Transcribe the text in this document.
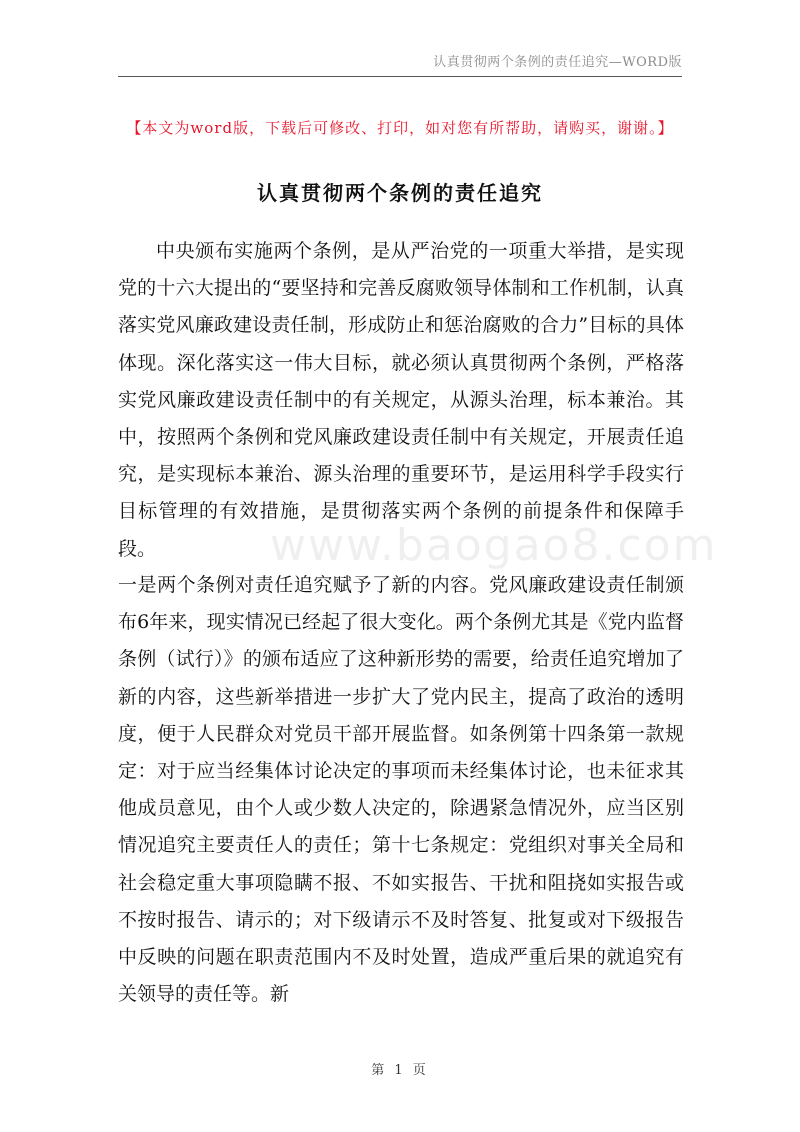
认真贯彻两个条例的责任追究—WORD版
【本文为word版，下载后可修改、打印，如对您有所帮助，请购买，谢谢。】
认真贯彻两个条例的责任追究

中央颁布实施两个条例，是从严治党的一项重大举措，是实现党的十六大提出的“要坚持和完善反腐败领导体制和工作机制，认真落实党风廉政建设责任制，形成防止和惩治腐败的合力”目标的具体体现。深化落实这一伟大目标，就必须认真贯彻两个条例，严格落实党风廉政建设责任制中的有关规定，从源头治理，标本兼治。其中，按照两个条例和党风廉政建设责任制中有关规定，开展责任追究，是实现标本兼治、源头治理的重要环节，是运用科学手段实行目标管理的有效措施，是贯彻落实两个条例的前提条件和保障手段。

一是两个条例对责任追究赋予了新的内容。党风廉政建设责任制颁布6年来，现实情况已经起了很大变化。两个条例尤其是《党内监督条例（试行）》的颁布适应了这种新形势的需要，给责任追究增加了新的内容，这些新举措进一步扩大了党内民主，提高了政治的透明度，便于人民群众对党员干部开展监督。如条例第十四条第一款规定：对于应当经集体讨论决定的事项而未经集体讨论，也未征求其他成员意见，由个人或少数人决定的，除遇紧急情况外，应当区别情况追究主要责任人的责任；第十七条规定：党组织对事关全局和社会稳定重大事项隐瞒不报、不如实报告、干扰和阻挠如实报告或不按时报告、请示的；对下级请示不及时答复、批复或对下级报告中反映的问题在职责范围内不及时处置，造成严重后果的就追究有关领导的责任等。新

www.baogao8.com
第 1 页
